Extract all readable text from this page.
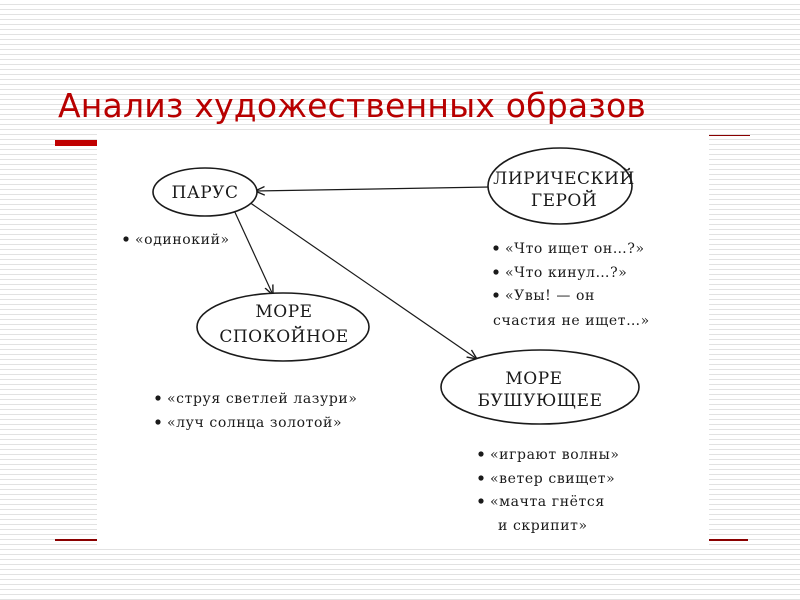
Анализ художественных образов
ПАРУС
ЛИРИЧЕСКИЙ
ГЕРОЙ
МОРЕ
СПОКОЙНОЕ
МОРЕ
БУШУЮЩЕЕ
«одинокий»
«Что ищет он…?»
«Что кинул…?»
«Увы! — он
счастия не ищет…»
«струя светлей лазури»
«луч солнца золотой»
«играют волны»
«ветер свищет»
«мачта гнётся
и скрипит»
